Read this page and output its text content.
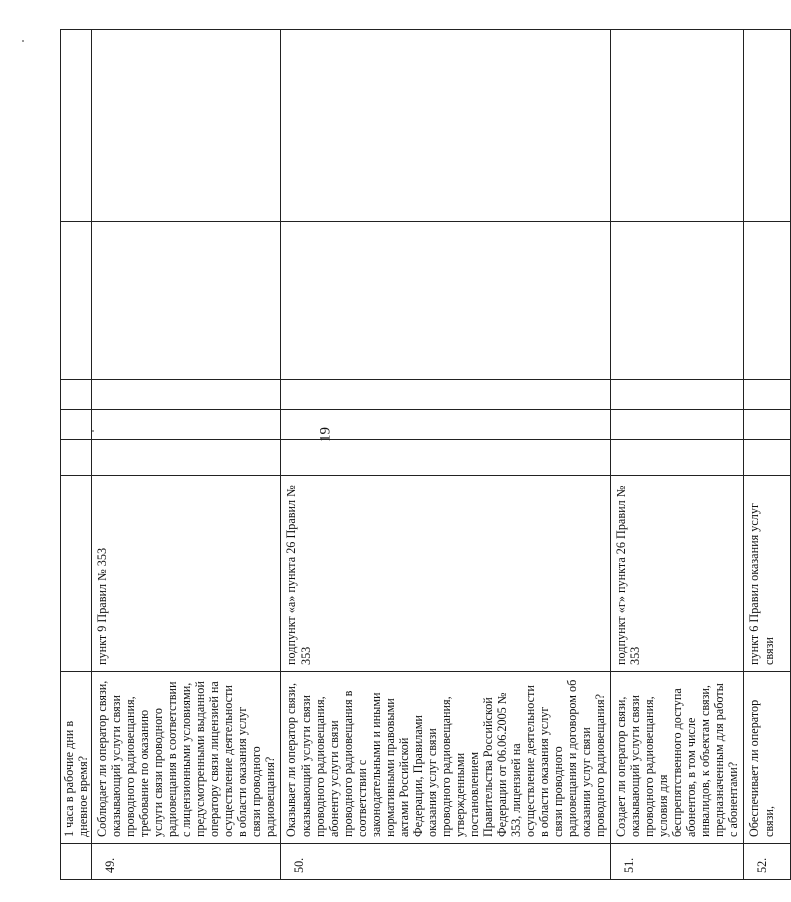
19
	1 часа в рабочие дни в дневное время?						

49.	Соблюдает ли оператор связи, оказывающий услуги связи проводного радиовещания, требование по оказанию услуги связи проводного радиовещания в соответствии с лицензионными условиями, предусмотренными выданной оператору связи лицензией на осуществление деятельности в области оказания услуг связи проводного радиовещания?	пункт 9 Правил № 353					

50.	Оказывает ли оператор связи, оказывающий услуги связи проводного радиовещания, абоненту услуги связи проводного радиовещания в соответствии с законодательными и иными нормативными правовыми актами Российской Федерации, Правилами оказания услуг связи проводного радиовещания, утвержденными постановлением Правительства Российской Федерации от 06.06.2005 № 353, лицензией на осуществление деятельности в области оказания услуг связи проводного радиовещания и договором об оказании услуг связи проводного радиовещания?	подпункт «а» пункта 26 Правил № 353					

51.	Создает ли оператор связи, оказывающий услуги связи проводного радиовещания, условия для беспрепятственного доступа абонентов, в том числе инвалидов, к объектам связи, предназначенным для работы с абонентами?	подпункт «г» пункта 26 Правил № 353					

52.	Обеспечивает ли оператор связи,	пункт 6 Правил оказания услуг связи					
